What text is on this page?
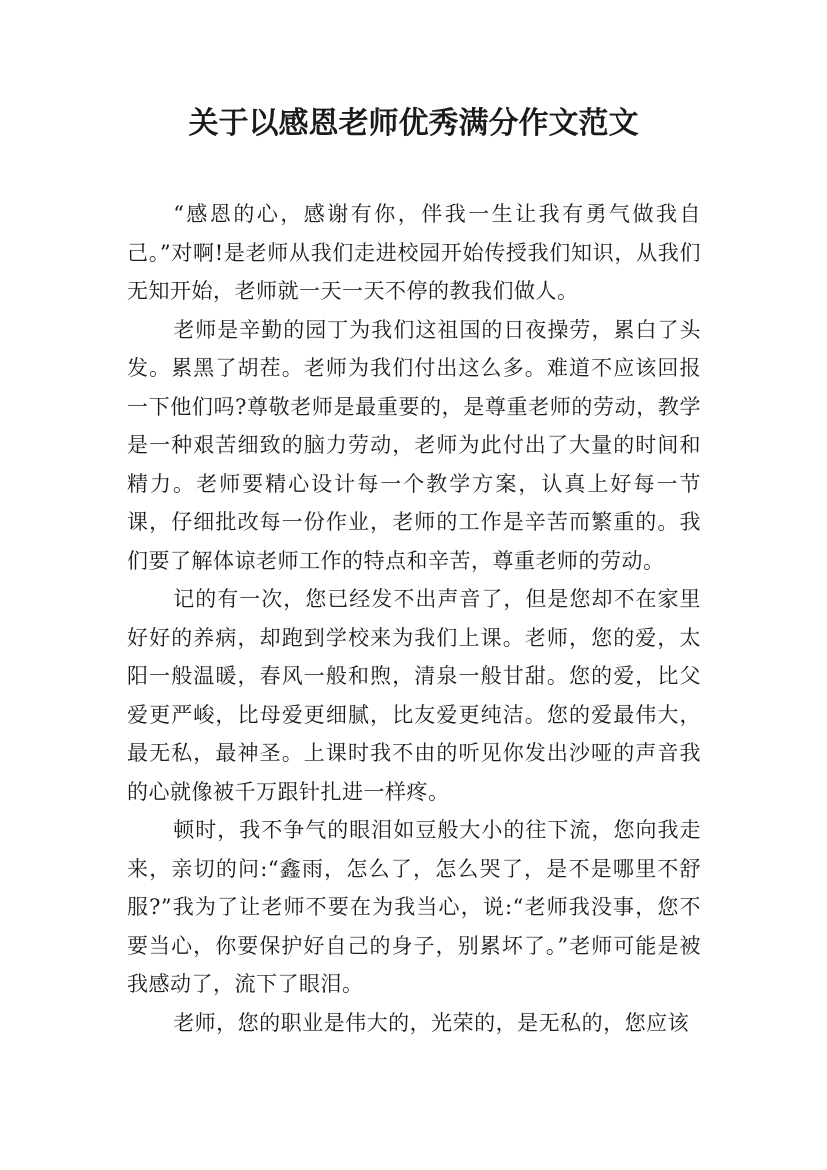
关于以感恩老师优秀满分作文范文

“感恩的心，感谢有你，伴我一生让我有勇气做我自己。”对啊!是老师从我们走进校园开始传授我们知识，从我们无知开始，老师就一天一天不停的教我们做人。

老师是辛勤的园丁为我们这祖国的日夜操劳，累白了头发。累黑了胡茬。老师为我们付出这么多。难道不应该回报一下他们吗?尊敬老师是最重要的，是尊重老师的劳动，教学是一种艰苦细致的脑力劳动，老师为此付出了大量的时间和精力。老师要精心设计每一个教学方案，认真上好每一节课，仔细批改每一份作业，老师的工作是辛苦而繁重的。我们要了解体谅老师工作的特点和辛苦，尊重老师的劳动。

记的有一次，您已经发不出声音了，但是您却不在家里好好的养病，却跑到学校来为我们上课。老师，您的爱，太阳一般温暖，春风一般和煦，清泉一般甘甜。您的爱，比父爱更严峻，比母爱更细腻，比友爱更纯洁。您的爱最伟大，最无私，最神圣。上课时我不由的听见你发出沙哑的声音我的心就像被千万跟针扎进一样疼。

顿时，我不争气的眼泪如豆般大小的往下流，您向我走来，亲切的问:“鑫雨，怎么了，怎么哭了，是不是哪里不舒服?”我为了让老师不要在为我当心，说:“老师我没事，您不要当心，你要保护好自己的身子，别累坏了。”老师可能是被我感动了，流下了眼泪。

老师，您的职业是伟大的，光荣的，是无私的，您应该
